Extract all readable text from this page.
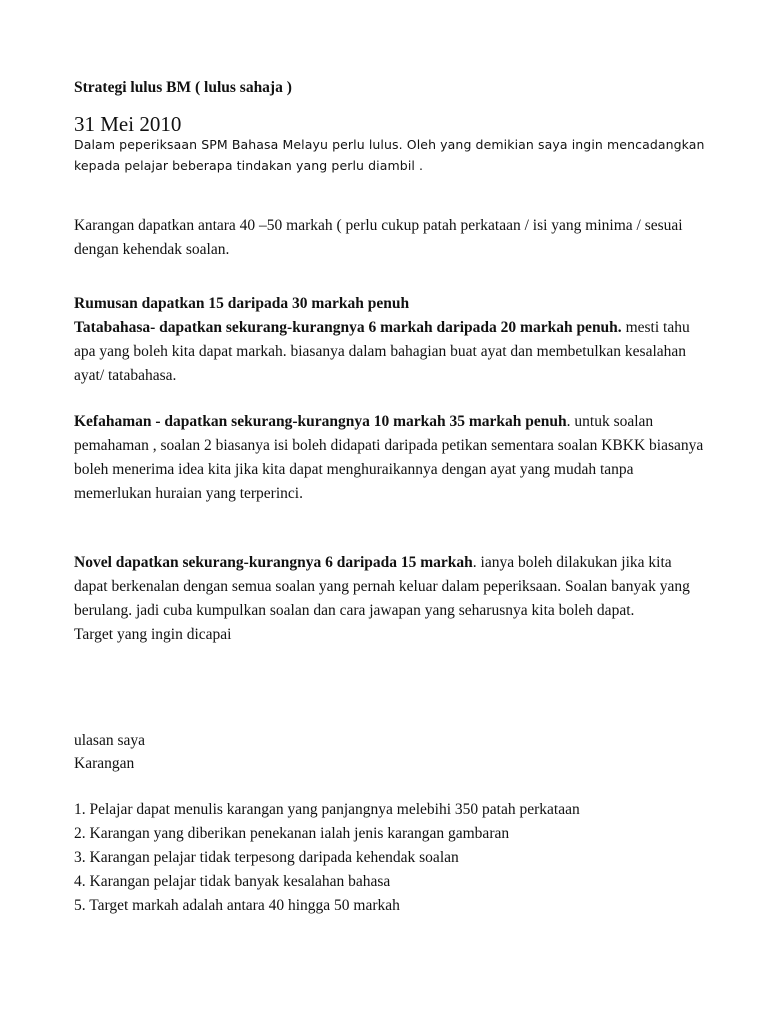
Strategi lulus BM ( lulus sahaja )

31 Mei 2010

Dalam peperiksaan SPM Bahasa Melayu perlu lulus. Oleh yang demikian saya ingin mencadangkan kepada pelajar beberapa tindakan yang perlu diambil .

Karangan dapatkan antara 40 –50 markah ( perlu cukup patah perkataan / isi yang minima / sesuai dengan kehendak soalan.

Rumusan dapatkan 15 daripada 30 markah penuh
Tatabahasa- dapatkan sekurang-kurangnya 6 markah daripada 20 markah penuh. mesti tahu apa yang boleh kita dapat markah. biasanya dalam bahagian buat ayat dan membetulkan kesalahan ayat/ tatabahasa.

Kefahaman - dapatkan sekurang-kurangnya 10 markah 35 markah penuh. untuk soalan pemahaman , soalan 2 biasanya isi boleh didapati daripada petikan sementara soalan KBKK biasanya boleh menerima idea kita jika kita dapat menghuraikannya dengan ayat yang mudah tanpa memerlukan huraian yang terperinci.

Novel dapatkan sekurang-kurangnya 6 daripada 15 markah. ianya boleh dilakukan jika kita dapat berkenalan dengan semua soalan yang pernah keluar dalam peperiksaan. Soalan banyak yang berulang. jadi cuba kumpulkan soalan dan cara jawapan yang seharusnya kita boleh dapat.
Target yang ingin dicapai

ulasan saya

Karangan

1. Pelajar dapat menulis karangan yang panjangnya melebihi 350 patah perkataan
2. Karangan yang diberikan penekanan ialah jenis karangan gambaran
3. Karangan pelajar tidak terpesong daripada kehendak soalan
4. Karangan pelajar tidak banyak kesalahan bahasa
5. Target markah adalah antara 40 hingga 50 markah
